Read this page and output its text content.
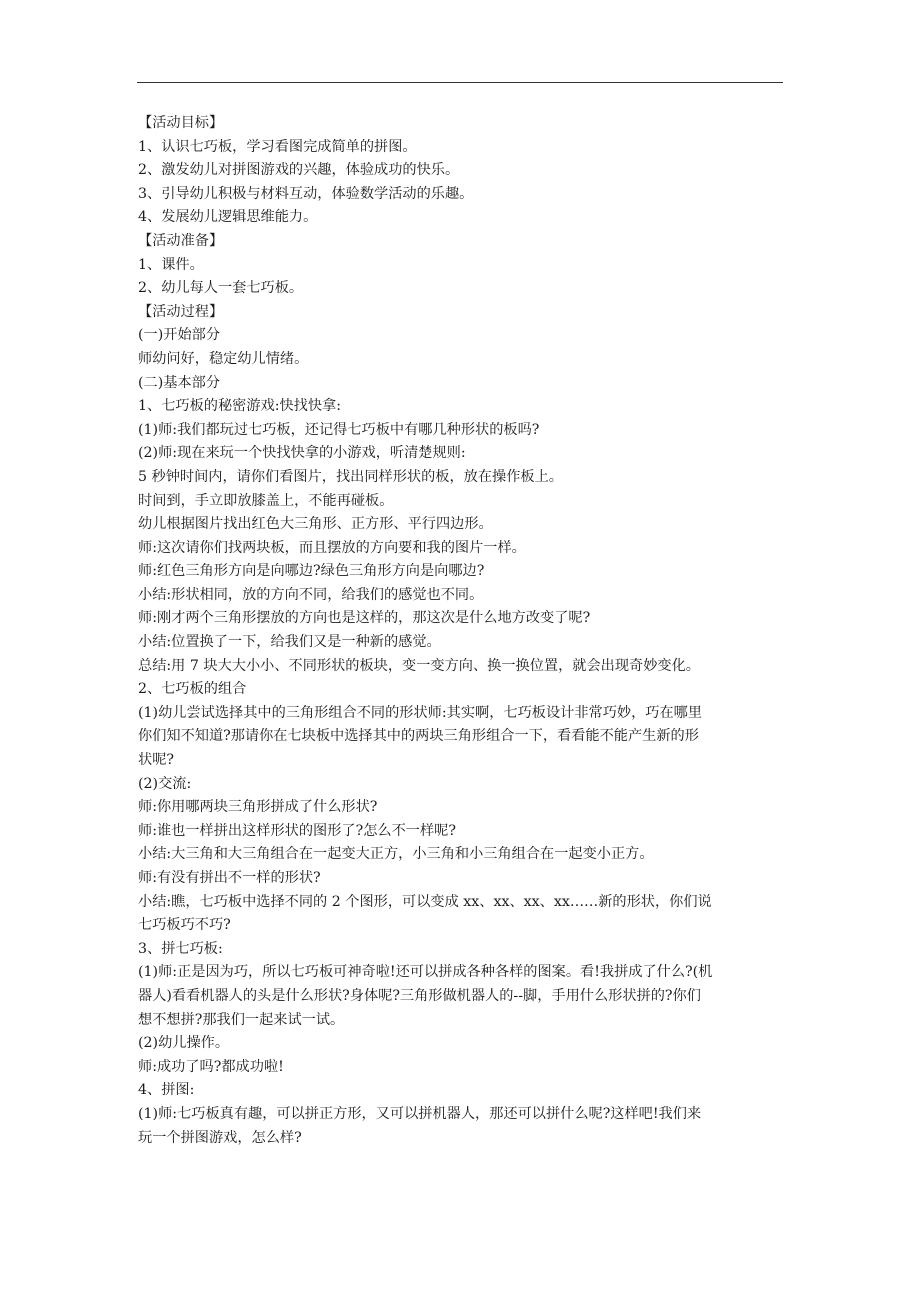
【活动目标】
1、认识七巧板，学习看图完成简单的拼图。
2、激发幼儿对拼图游戏的兴趣，体验成功的快乐。
3、引导幼儿积极与材料互动，体验数学活动的乐趣。
4、发展幼儿逻辑思维能力。
【活动准备】
1、课件。
2、幼儿每人一套七巧板。
【活动过程】
(一)开始部分
师幼问好，稳定幼儿情绪。
(二)基本部分
1、七巧板的秘密游戏:快找快拿:
(1)师:我们都玩过七巧板，还记得七巧板中有哪几种形状的板吗?
(2)师:现在来玩一个快找快拿的小游戏，听清楚规则:
5 秒钟时间内，请你们看图片，找出同样形状的板，放在操作板上。
时间到，手立即放膝盖上，不能再碰板。
幼儿根据图片找出红色大三角形、正方形、平行四边形。
师:这次请你们找两块板，而且摆放的方向要和我的图片一样。
师:红色三角形方向是向哪边?绿色三角形方向是向哪边?
小结:形状相同，放的方向不同，给我们的感觉也不同。
师:刚才两个三角形摆放的方向也是这样的，那这次是什么地方改变了呢?
小结:位置换了一下，给我们又是一种新的感觉。
总结:用 7 块大大小小、不同形状的板块，变一变方向、换一换位置，就会出现奇妙变化。
2、七巧板的组合
(1)幼儿尝试选择其中的三角形组合不同的形状师:其实啊，七巧板设计非常巧妙，巧在哪里
你们知不知道?那请你在七块板中选择其中的两块三角形组合一下，看看能不能产生新的形
状呢?
(2)交流:
师:你用哪两块三角形拼成了什么形状?
师:谁也一样拼出这样形状的图形了?怎么不一样呢?
小结:大三角和大三角组合在一起变大正方，小三角和小三角组合在一起变小正方。
师:有没有拼出不一样的形状?
小结:瞧，七巧板中选择不同的 2 个图形，可以变成 xx、xx、xx、xx……新的形状，你们说
七巧板巧不巧?
3、拼七巧板:
(1)师:正是因为巧，所以七巧板可神奇啦!还可以拼成各种各样的图案。看!我拼成了什么?(机
器人)看看机器人的头是什么形状?身体呢?三角形做机器人的--脚，手用什么形状拼的?你们
想不想拼?那我们一起来试一试。
(2)幼儿操作。
师:成功了吗?都成功啦!
4、拼图:
(1)师:七巧板真有趣，可以拼正方形，又可以拼机器人，那还可以拼什么呢?这样吧!我们来
玩一个拼图游戏，怎么样?
